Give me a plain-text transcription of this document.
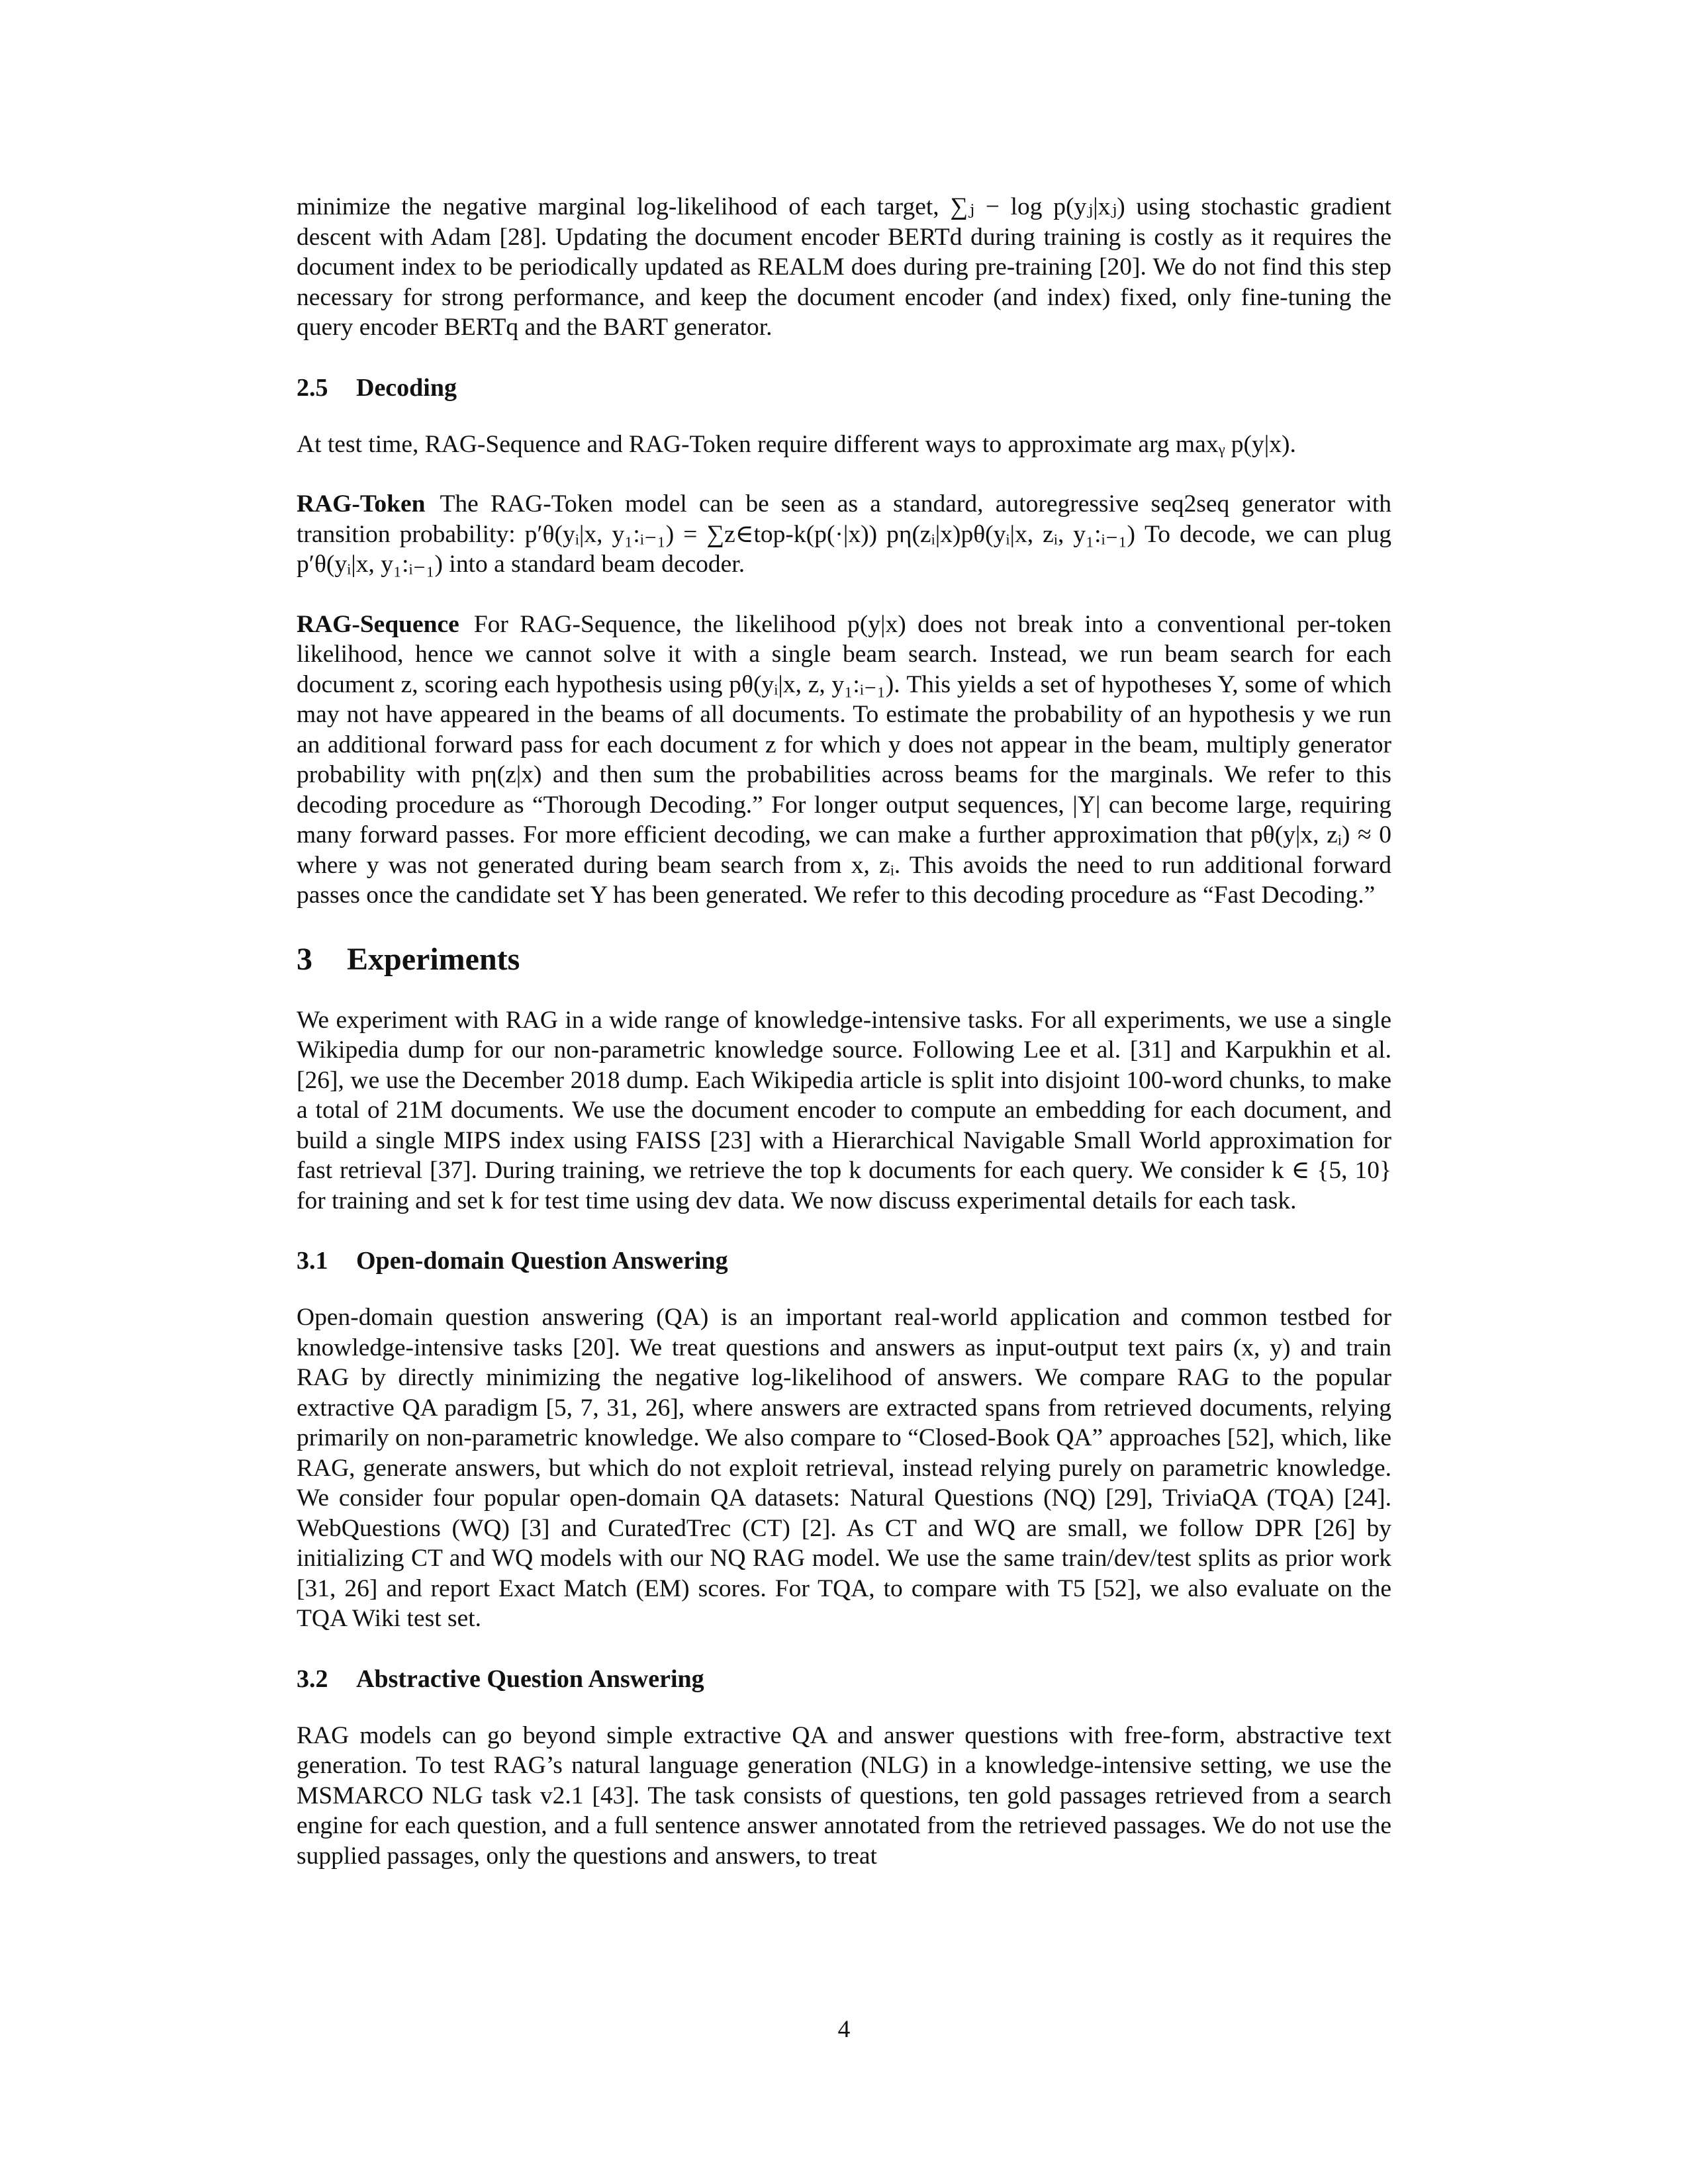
minimize the negative marginal log-likelihood of each target, ∑ⱼ − log p(yⱼ|xⱼ) using stochastic gradient descent with Adam [28]. Updating the document encoder BERTd during training is costly as it requires the document index to be periodically updated as REALM does during pre-training [20]. We do not find this step necessary for strong performance, and keep the document encoder (and index) fixed, only fine-tuning the query encoder BERTq and the BART generator.

2.5 Decoding

At test time, RAG-Sequence and RAG-Token require different ways to approximate arg maxᵧ p(y|x).

RAG-Token The RAG-Token model can be seen as a standard, autoregressive seq2seq generator with transition probability: p′θ(yᵢ|x, y₁:ᵢ₋₁) = ∑z∈top-k(p(·|x)) pη(zᵢ|x)pθ(yᵢ|x, zᵢ, y₁:ᵢ₋₁) To decode, we can plug p′θ(yᵢ|x, y₁:ᵢ₋₁) into a standard beam decoder.

RAG-Sequence For RAG-Sequence, the likelihood p(y|x) does not break into a conventional per-token likelihood, hence we cannot solve it with a single beam search. Instead, we run beam search for each document z, scoring each hypothesis using pθ(yᵢ|x, z, y₁:ᵢ₋₁). This yields a set of hypotheses Y, some of which may not have appeared in the beams of all documents. To estimate the probability of an hypothesis y we run an additional forward pass for each document z for which y does not appear in the beam, multiply generator probability with pη(z|x) and then sum the probabilities across beams for the marginals. We refer to this decoding procedure as “Thorough Decoding.” For longer output sequences, |Y| can become large, requiring many forward passes. For more efficient decoding, we can make a further approximation that pθ(y|x, zᵢ) ≈ 0 where y was not generated during beam search from x, zᵢ. This avoids the need to run additional forward passes once the candidate set Y has been generated. We refer to this decoding procedure as “Fast Decoding.”

3 Experiments

We experiment with RAG in a wide range of knowledge-intensive tasks. For all experiments, we use a single Wikipedia dump for our non-parametric knowledge source. Following Lee et al. [31] and Karpukhin et al. [26], we use the December 2018 dump. Each Wikipedia article is split into disjoint 100-word chunks, to make a total of 21M documents. We use the document encoder to compute an embedding for each document, and build a single MIPS index using FAISS [23] with a Hierarchical Navigable Small World approximation for fast retrieval [37]. During training, we retrieve the top k documents for each query. We consider k ∈ {5, 10} for training and set k for test time using dev data. We now discuss experimental details for each task.

3.1 Open-domain Question Answering

Open-domain question answering (QA) is an important real-world application and common testbed for knowledge-intensive tasks [20]. We treat questions and answers as input-output text pairs (x, y) and train RAG by directly minimizing the negative log-likelihood of answers. We compare RAG to the popular extractive QA paradigm [5, 7, 31, 26], where answers are extracted spans from retrieved documents, relying primarily on non-parametric knowledge. We also compare to “Closed-Book QA” approaches [52], which, like RAG, generate answers, but which do not exploit retrieval, instead relying purely on parametric knowledge. We consider four popular open-domain QA datasets: Natural Questions (NQ) [29], TriviaQA (TQA) [24]. WebQuestions (WQ) [3] and CuratedTrec (CT) [2]. As CT and WQ are small, we follow DPR [26] by initializing CT and WQ models with our NQ RAG model. We use the same train/dev/test splits as prior work [31, 26] and report Exact Match (EM) scores. For TQA, to compare with T5 [52], we also evaluate on the TQA Wiki test set.

3.2 Abstractive Question Answering

RAG models can go beyond simple extractive QA and answer questions with free-form, abstractive text generation. To test RAG’s natural language generation (NLG) in a knowledge-intensive setting, we use the MSMARCO NLG task v2.1 [43]. The task consists of questions, ten gold passages retrieved from a search engine for each question, and a full sentence answer annotated from the retrieved passages. We do not use the supplied passages, only the questions and answers, to treat

4
